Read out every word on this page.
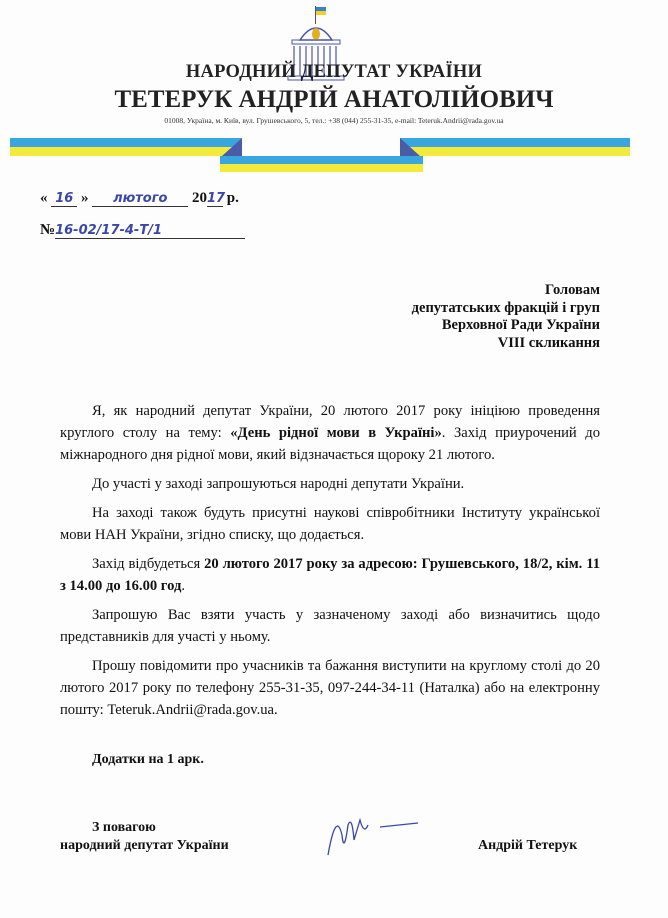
НАРОДНИЙ ДЕПУТАТ УКРАЇНИ
ТЕТЕРУК АНДРІЙ АНАТОЛІЙОВИЧ
01008, Україна, м. Київ, вул. Грушевського, 5, тел.: +38 (044) 255-31-35, e-mail: Teteruk.Andrii@rada.gov.ua
« 16 » лютого 2017 р.
№16-02/17-4-Т/1
Головам
депутатських фракцій і груп
Верховної Ради України
VIII скликання

Я, як народний депутат України, 20 лютого 2017 року ініціюю проведення круглого столу на тему: «День рідної мови в Україні». Захід приурочений до міжнародного дня рідної мови, який відзначається щороку 21 лютого.

До участі у заході запрошуються народні депутати України.

На заході також будуть присутні наукові співробітники Інституту української мови НАН України, згідно списку, що додається.

Захід відбудеться 20 лютого 2017 року за адресою: Грушевського, 18/2, кім. 11 з 14.00 до 16.00 год.

Запрошую Вас взяти участь у зазначеному заході або визначитись щодо представників для участі у ньому.

Прошу повідомити про учасників та бажання виступити на круглому столі до 20 лютого 2017 року по телефону 255-31-35, 097-244-34-11 (Наталка) або на електронну пошту: Teteruk.Andrii@rada.gov.ua.

Додатки на 1 арк.
З повагою
народний депутат України	Андрій Тетерук
